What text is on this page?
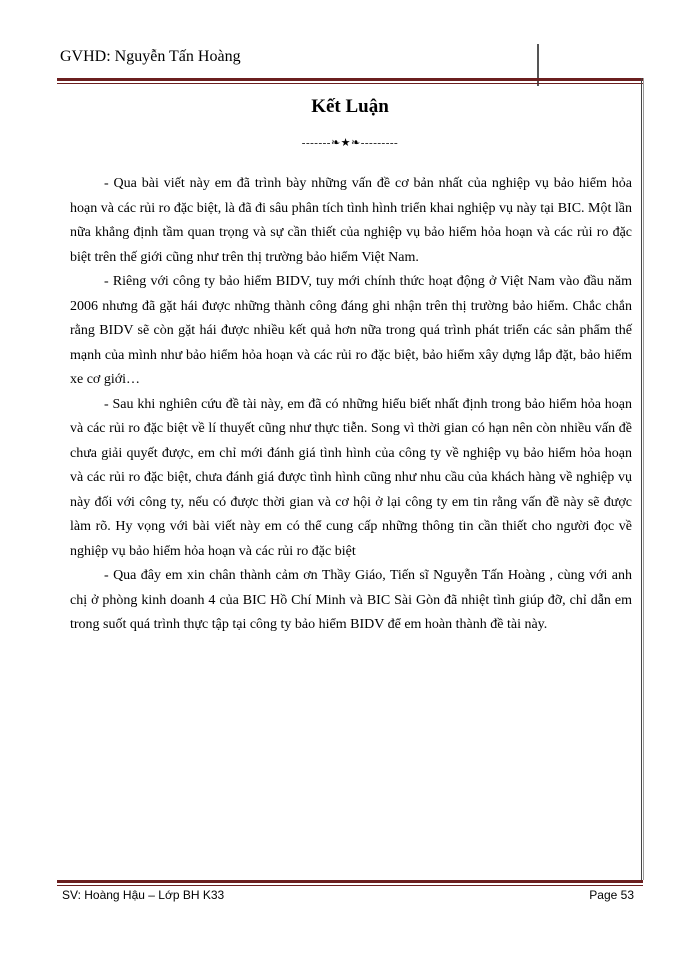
GVHD: Nguyễn Tấn Hoàng
Kết Luận
-------❧★❧---------

- Qua bài viết này em đã trình bày những vấn đề cơ bản nhất của nghiệp vụ bảo hiểm hỏa hoạn và các rủi ro đặc biệt, là đã đi sâu phân tích tình hình triển khai nghiệp vụ này tại BIC. Một lần nữa khẳng định tầm quan trọng và sự cần thiết của nghiệp vụ bảo hiểm hỏa hoạn và các rủi ro đặc biệt trên thế giới cũng như trên thị trường bảo hiểm Việt Nam.

- Riêng với công ty bảo hiểm BIDV, tuy mới chính thức hoạt động ở Việt Nam vào đầu năm 2006 nhưng đã gặt hái được những thành công đáng ghi nhận trên thị trường bảo hiểm. Chắc chắn rằng BIDV sẽ còn gặt hái được nhiều kết quả hơn nữa trong quá trình phát triển các sản phẩm thế mạnh của mình như bảo hiểm hỏa hoạn và các rủi ro đặc biệt, bảo hiểm xây dựng lắp đặt, bảo hiểm xe cơ giới…

- Sau khi nghiên cứu đề tài này, em đã có những hiểu biết nhất định trong bảo hiểm hỏa hoạn và các rủi ro đặc biệt về lí thuyết cũng như thực tiễn. Song vì thời gian có hạn nên còn nhiều vấn đề chưa giải quyết được, em chỉ mới đánh giá tình hình của công ty về nghiệp vụ bảo hiểm hỏa hoạn và các rủi ro đặc biệt, chưa đánh giá được tình hình cũng như nhu cầu của khách hàng về nghiệp vụ này đối với công ty, nếu có được thời gian và cơ hội ở lại công ty em tin rằng vấn đề này sẽ được làm rõ. Hy vọng với bài viết này em có thể cung cấp những thông tin cần thiết cho người đọc về nghiệp vụ bảo hiểm hỏa hoạn và các rủi ro đặc biệt

- Qua đây em xin chân thành cảm ơn Thầy Giáo, Tiến sĩ Nguyễn Tấn Hoàng , cùng với anh chị ở phòng kinh doanh 4 của BIC Hồ Chí Minh và BIC Sài Gòn đã nhiệt tình giúp đỡ, chỉ dẫn em trong suốt quá trình thực tập tại công ty bảo hiểm BIDV để em hoàn thành đề tài này.

SV: Hoàng Hậu – Lớp BH K33	Page 53
